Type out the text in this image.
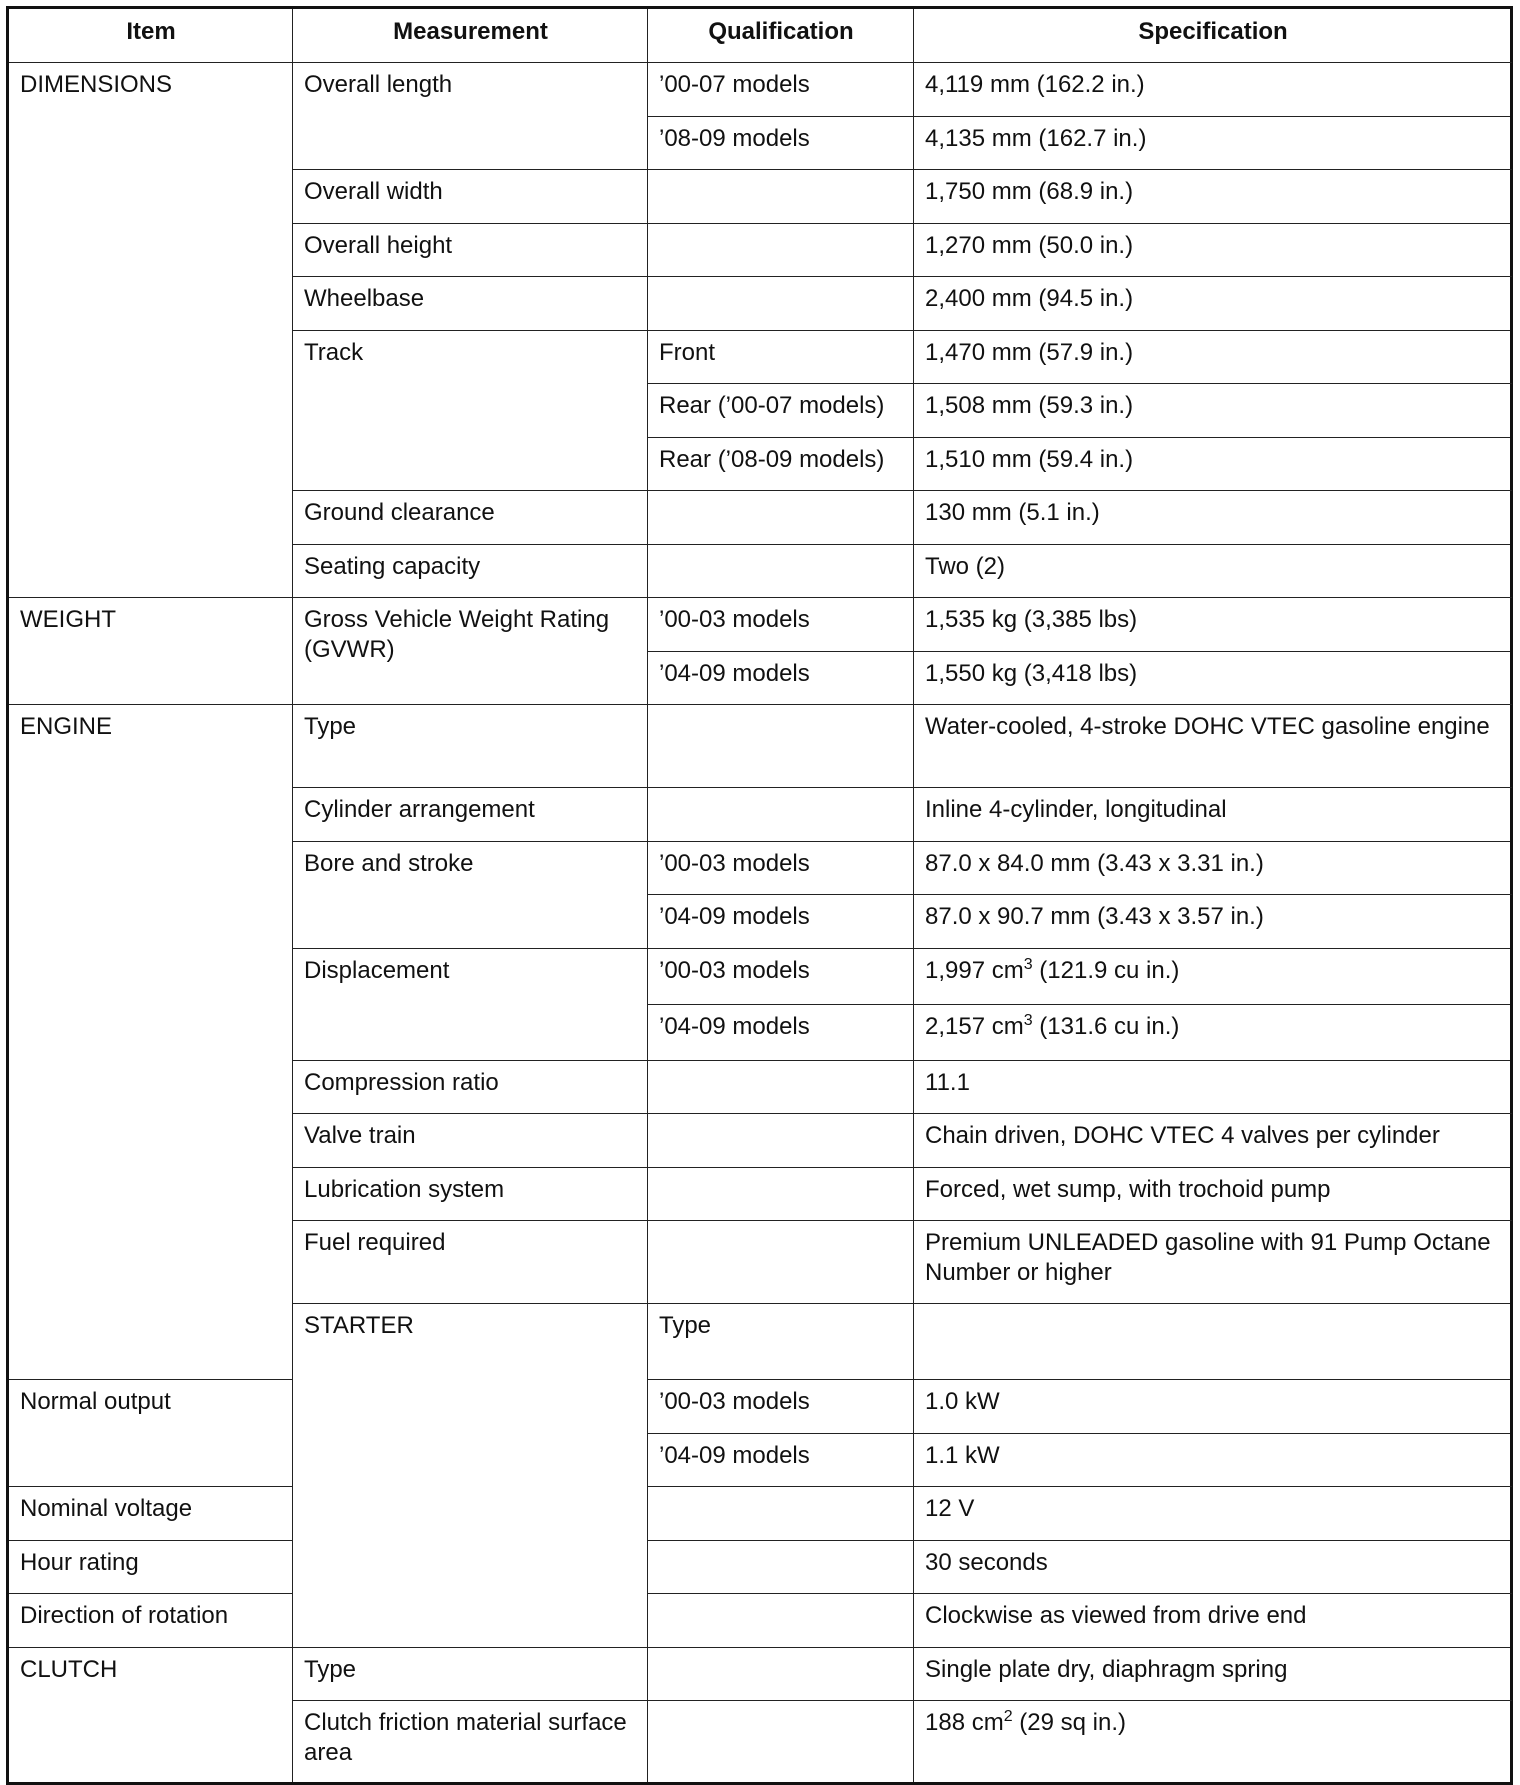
Item	Measurement	Qualification	Specification	
DIMENSIONS	Overall length	’00-07 models	4,119 mm (162.2 in.)	
		’08-09 models	4,135 mm (162.7 in.)	
	Overall width		1,750 mm (68.9 in.)	
	Overall height		1,270 mm (50.0 in.)	
	Wheelbase		2,400 mm (94.5 in.)	
	Track	Front	1,470 mm (57.9 in.)	
		Rear (’00-07 models)	1,508 mm (59.3 in.)	
		Rear (’08-09 models)	1,510 mm (59.4 in.)	
	Ground clearance		130 mm (5.1 in.)	
	Seating capacity		Two (2)	
WEIGHT	Gross Vehicle Weight Rating (GVWR)	’00-03 models	1,535 kg (3,385 lbs)	
		’04-09 models	1,550 kg (3,418 lbs)	
ENGINE	Type		Water-cooled, 4-stroke DOHC VTEC gasoline engine	
	Cylinder arrangement		Inline 4-cylinder, longitudinal	
	Bore and stroke	’00-03 models	87.0 x 84.0 mm (3.43 x 3.31 in.)	
		’04-09 models	87.0 x 90.7 mm (3.43 x 3.57 in.)	
	Displacement	’00-03 models	1,997 $cm^3$ (121.9 cu in.)	
		’04-09 models	2,157 $cm^3$ (131.6 cu in.)	
	Compression ratio		11.1	
	Valve train		Chain driven, DOHC VTEC 4 valves per cylinder	
	Lubrication system		Forced, wet sump, with trochoid pump	
	Fuel required		Premium UNLEADED gasoline with 91 Pump Octane Number or higher	
	STARTER	Type		
Normal output		’00-03 models	1.0 kW	
		’04-09 models	1.1 kW	
Nominal voltage			12 V	
Hour rating			30 seconds	
Direction of rotation			Clockwise as viewed from drive end	
CLUTCH	Type		Single plate dry, diaphragm spring	
	Clutch friction material surface area		188 $cm^2$ (29 sq in.)	
